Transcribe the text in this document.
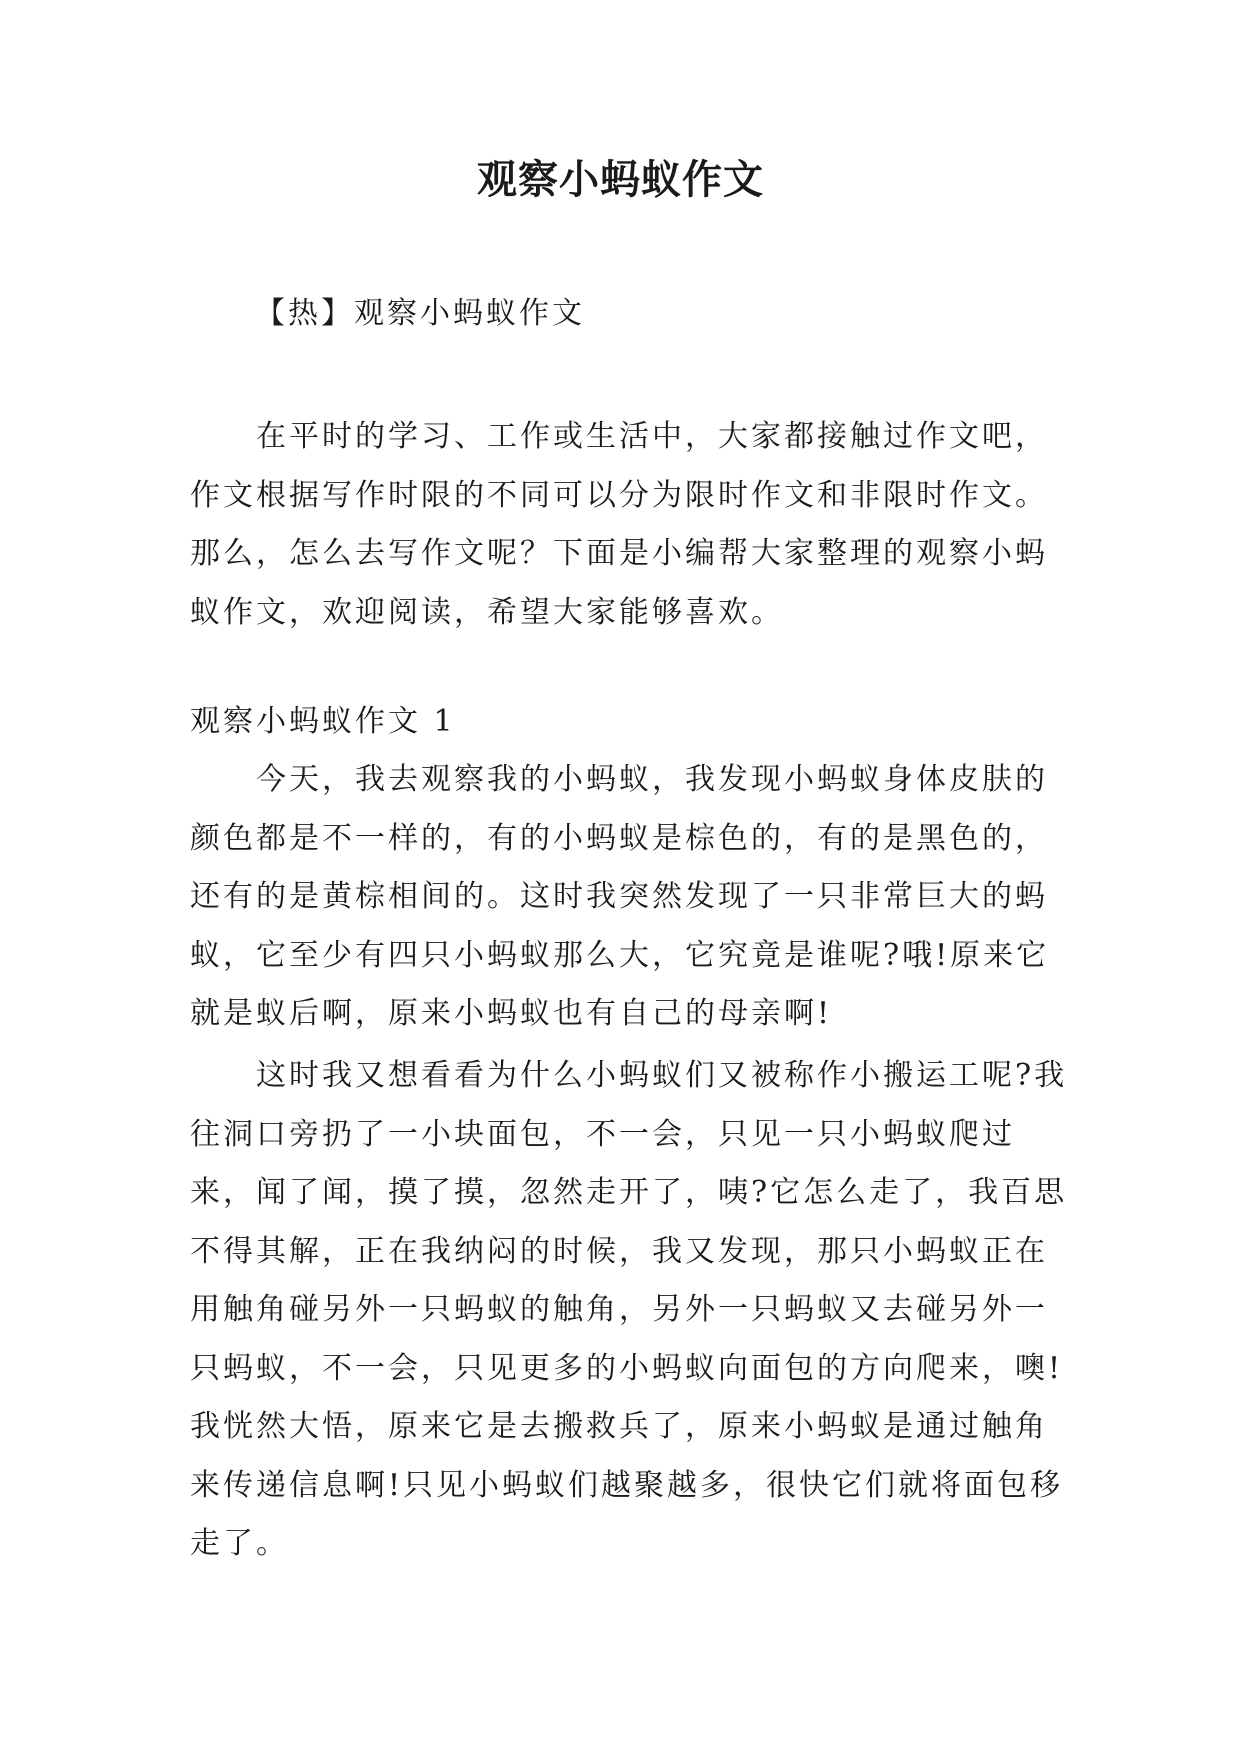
观察小蚂蚁作文
【热】观察小蚂蚁作文

在平时的学习、工作或生活中，大家都接触过作文吧，作文根据写作时限的不同可以分为限时作文和非限时作文。那么，怎么去写作文呢？下面是小编帮大家整理的观察小蚂蚁作文，欢迎阅读，希望大家能够喜欢。

观察小蚂蚁作文 1

今天，我去观察我的小蚂蚁，我发现小蚂蚁身体皮肤的颜色都是不一样的，有的小蚂蚁是棕色的，有的是黑色的，还有的是黄棕相间的。这时我突然发现了一只非常巨大的蚂蚁，它至少有四只小蚂蚁那么大，它究竟是谁呢?哦!原来它就是蚁后啊，原来小蚂蚁也有自己的母亲啊!

这时我又想看看为什么小蚂蚁们又被称作小搬运工呢?我往洞口旁扔了一小块面包，不一会，只见一只小蚂蚁爬过来，闻了闻，摸了摸，忽然走开了，咦?它怎么走了，我百思不得其解，正在我纳闷的时候，我又发现，那只小蚂蚁正在用触角碰另外一只蚂蚁的触角，另外一只蚂蚁又去碰另外一只蚂蚁，不一会，只见更多的小蚂蚁向面包的方向爬来，噢!我恍然大悟，原来它是去搬救兵了，原来小蚂蚁是通过触角来传递信息啊!只见小蚂蚁们越聚越多，很快它们就将面包移走了。
